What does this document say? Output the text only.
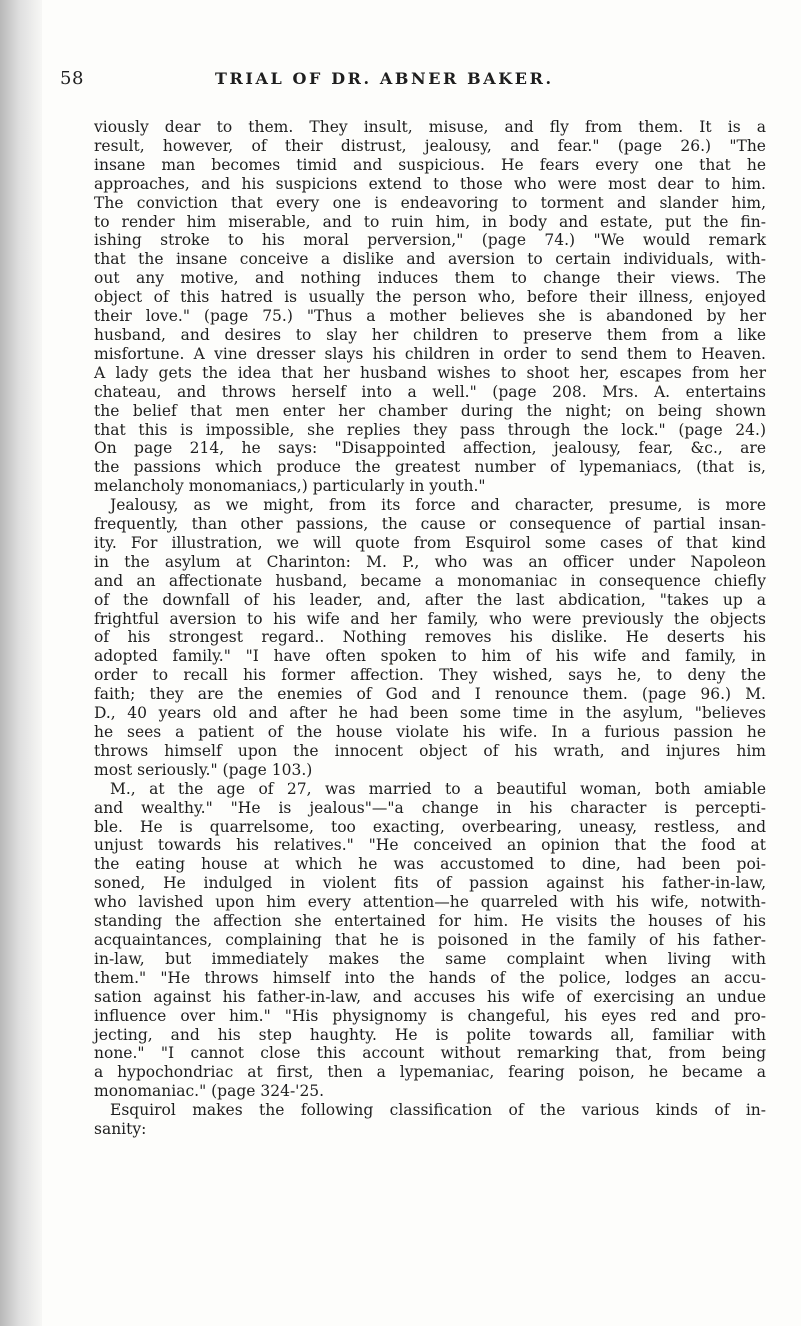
58	TRIAL OF DR. ABNER BAKER.
viously dear to them. They insult, misuse, and fly from them. It is a
result, however, of their distrust, jealousy, and fear." (page 26.) "The
insane man becomes timid and suspicious. He fears every one that he
approaches, and his suspicions extend to those who were most dear to him.
The conviction that every one is endeavoring to torment and slander him,
to render him miserable, and to ruin him, in body and estate, put the fin-
ishing stroke to his moral perversion," (page 74.) "We would remark
that the insane conceive a dislike and aversion to certain individuals, with-
out any motive, and nothing induces them to change their views. The
object of this hatred is usually the person who, before their illness, enjoyed
their love." (page 75.) "Thus a mother believes she is abandoned by her
husband, and desires to slay her children to preserve them from a like
misfortune. A vine dresser slays his children in order to send them to Heaven.
A lady gets the idea that her husband wishes to shoot her, escapes from her
chateau, and throws herself into a well." (page 208. Mrs. A. entertains
the belief that men enter her chamber during the night; on being shown
that this is impossible, she replies they pass through the lock." (page 24.)
On page 214, he says: "Disappointed affection, jealousy, fear, &c., are
the passions which produce the greatest number of lypemaniacs, (that is,
melancholy monomaniacs,) particularly in youth."
Jealousy, as we might, from its force and character, presume, is more
frequently, than other passions, the cause or consequence of partial insan-
ity. For illustration, we will quote from Esquirol some cases of that kind
in the asylum at Charinton: M. P., who was an officer under Napoleon
and an affectionate husband, became a monomaniac in consequence chiefly
of the downfall of his leader, and, after the last abdication, "takes up a
frightful aversion to his wife and her family, who were previously the objects
of his strongest regard.. Nothing removes his dislike. He deserts his
adopted family." "I have often spoken to him of his wife and family, in
order to recall his former affection. They wished, says he, to deny the
faith; they are the enemies of God and I renounce them. (page 96.) M.
D., 40 years old and after he had been some time in the asylum, "believes
he sees a patient of the house violate his wife. In a furious passion he
throws himself upon the innocent object of his wrath, and injures him
most seriously." (page 103.)
M., at the age of 27, was married to a beautiful woman, both amiable
and wealthy." "He is jealous"—"a change in his character is percepti-
ble. He is quarrelsome, too exacting, overbearing, uneasy, restless, and
unjust towards his relatives." "He conceived an opinion that the food at
the eating house at which he was accustomed to dine, had been poi-
soned, He indulged in violent fits of passion against his father-in-law,
who lavished upon him every attention—he quarreled with his wife, notwith-
standing the affection she entertained for him. He visits the houses of his
acquaintances, complaining that he is poisoned in the family of his father-
in-law, but immediately makes the same complaint when living with
them." "He throws himself into the hands of the police, lodges an accu-
sation against his father-in-law, and accuses his wife of exercising an undue
influence over him." "His physignomy is changeful, his eyes red and pro-
jecting, and his step haughty. He is polite towards all, familiar with
none." "I cannot close this account without remarking that, from being
a hypochondriac at first, then a lypemaniac, fearing poison, he became a
monomaniac." (page 324-'25.
Esquirol makes the following classification of the various kinds of in-
sanity:
